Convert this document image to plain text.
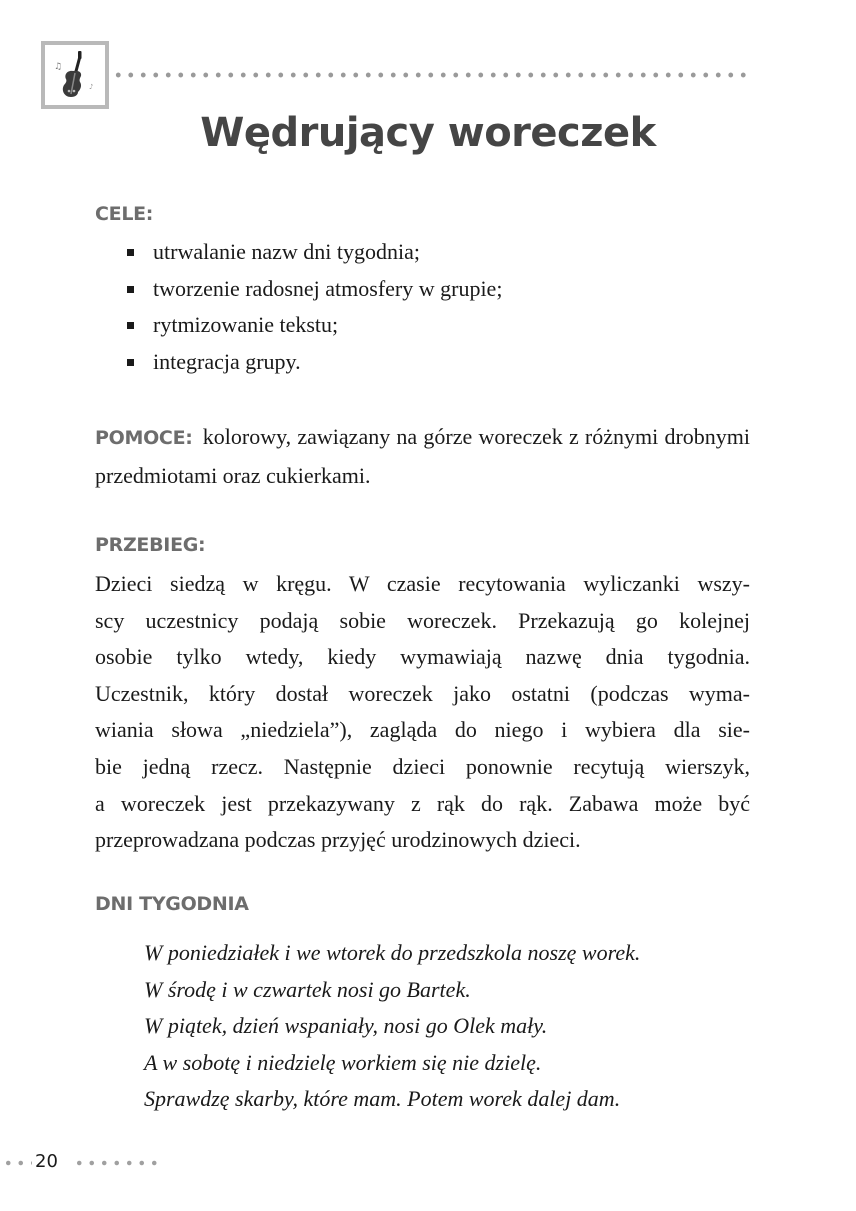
♫
♪
Wędrujący woreczek
CELE:
utrwalanie nazw dni tygodnia;
tworzenie radosnej atmosfery w grupie;
rytmizowanie tekstu;
integracja grupy.
POMOCE: kolorowy, zawiązany na górze woreczek z różnymi drobnymi przedmiotami oraz cukierkami.
PRZEBIEG:
Dzieci siedzą w kręgu. W czasie recytowania wyliczanki wszy-
scy uczestnicy podają sobie woreczek. Przekazują go kolejnej
osobie tylko wtedy, kiedy wymawiają nazwę dnia tygodnia.
Uczestnik, który dostał woreczek jako ostatni (podczas wyma-
wiania słowa „niedziela”), zagląda do niego i wybiera dla sie-
bie jedną rzecz. Następnie dzieci ponownie recytują wierszyk,
a woreczek jest przekazywany z rąk do rąk. Zabawa może być
przeprowadzana podczas przyjęć urodzinowych dzieci.
DNI TYGODNIA
W poniedziałek i we wtorek do przedszkola noszę worek.
W środę i w czwartek nosi go Bartek.
W piątek, dzień wspaniały, nosi go Olek mały.
A w sobotę i niedzielę workiem się nie dzielę.
Sprawdzę skarby, które mam. Potem worek dalej dam.
20
